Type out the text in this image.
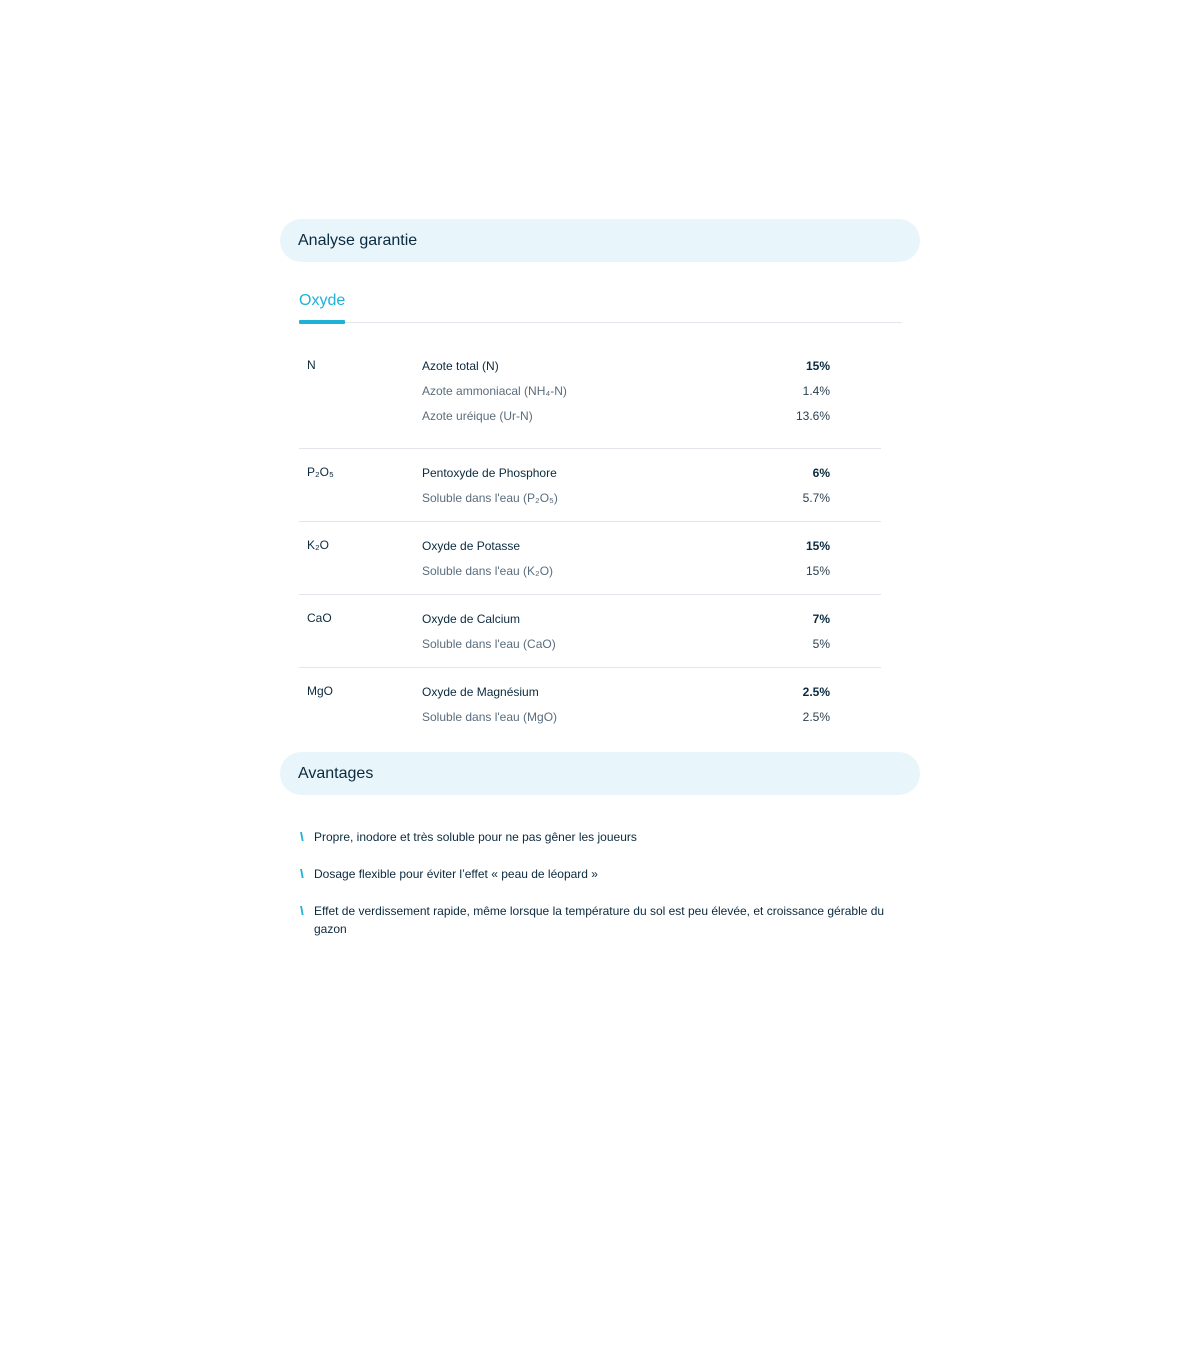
Analyse garantie
Oxyde
N	Azote total (N)	15%
Azote ammoniacal (NH₄-N)	1.4%
Azote uréique (Ur-N)	13.6%
P₂O₅	Pentoxyde de Phosphore	6%
Soluble dans l'eau (P₂O₅)	5.7%
K₂O	Oxyde de Potasse	15%
Soluble dans l'eau (K₂O)	15%
CaO	Oxyde de Calcium	7%
Soluble dans l'eau (CaO)	5%
MgO	Oxyde de Magnésium	2.5%
Soluble dans l'eau (MgO)	2.5%
Avantages
\\	Propre, inodore et très soluble pour ne pas gêner les joueurs
\\	Dosage flexible pour éviter l’effet « peau de léopard »
\\	Effet de verdissement rapide, même lorsque la température du sol est peu élevée, et croissance gérable du gazon
